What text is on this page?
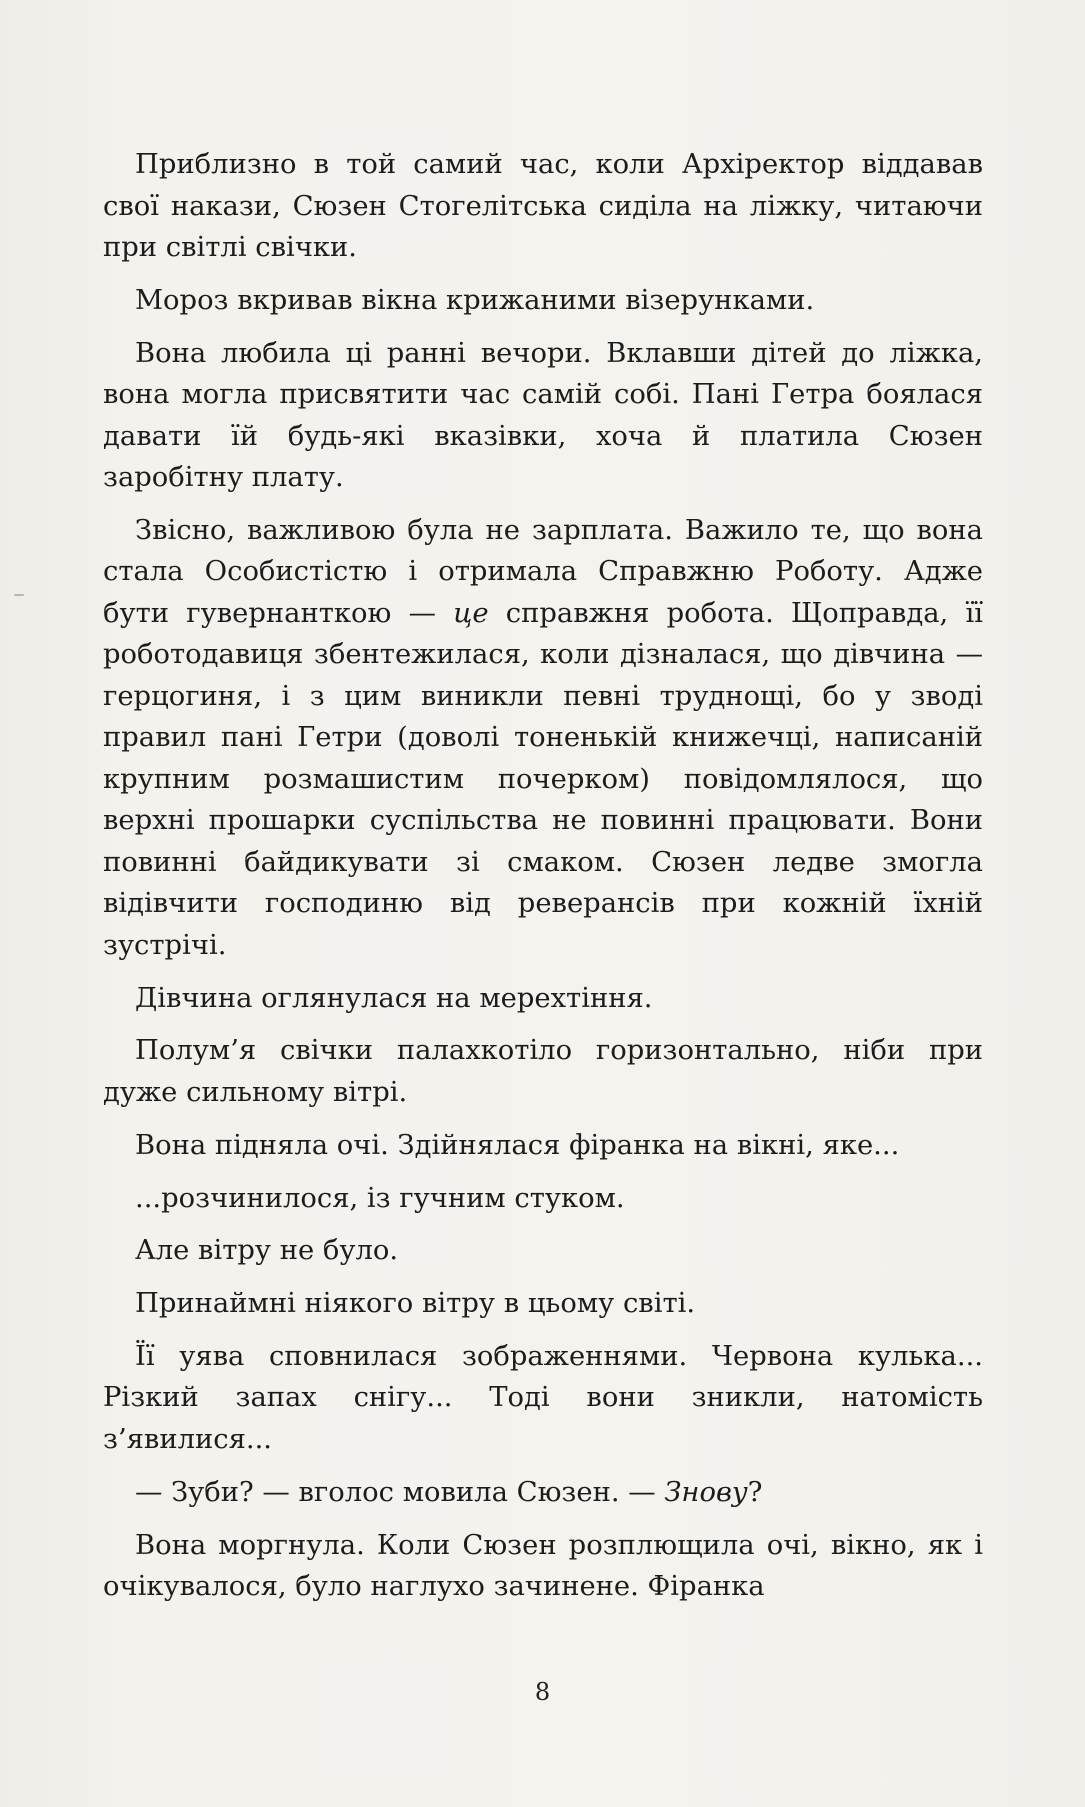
Приблизно в той самий час, коли Архіректор віддавав свої накази, Сюзен Стогелітська сиділа на ліжку, читаючи при світлі свічки.

Мороз вкривав вікна крижаними візерунками.

Вона любила ці ранні вечори. Вклавши дітей до ліжка, вона могла присвятити час самій собі. Пані Гетра боялася давати їй будь-які вказівки, хоча й платила Сюзен заробітну плату.

Звісно, важливою була не зарплата. Важило те, що вона стала Особистістю і отримала Справжню Роботу. Адже бути гувернанткою — це справжня робота. Щоправда, її роботодавиця збентежилася, коли дізналася, що дівчина — герцогиня, і з цим виникли певні труднощі, бо у зводі правил пані Гетри (доволі тоненькій книжечці, написаній крупним розмашистим почерком) повідомлялося, що верхні прошарки суспільства не повинні працювати. Вони повинні байдикувати зі смаком. Сюзен ледве змогла відівчити господиню від реверансів при кожній їхній зустрічі.

Дівчина оглянулася на мерехтіння.

Полум’я свічки палахкотіло горизонтально, ніби при дуже сильному вітрі.

Вона підняла очі. Здійнялася фіранка на вікні, яке...

...розчинилося, із гучним стуком.

Але вітру не було.

Принаймні ніякого вітру в цьому світі.

Її уява сповнилася зображеннями. Червона кулька... Різкий запах снігу... Тоді вони зникли, натомість з’явилися...

— Зуби? — вголос мовила Сюзен. — Знову?

Вона моргнула. Коли Сюзен розплющила очі, вікно, як і очікувалося, було наглухо зачинене. Фіранка

8
